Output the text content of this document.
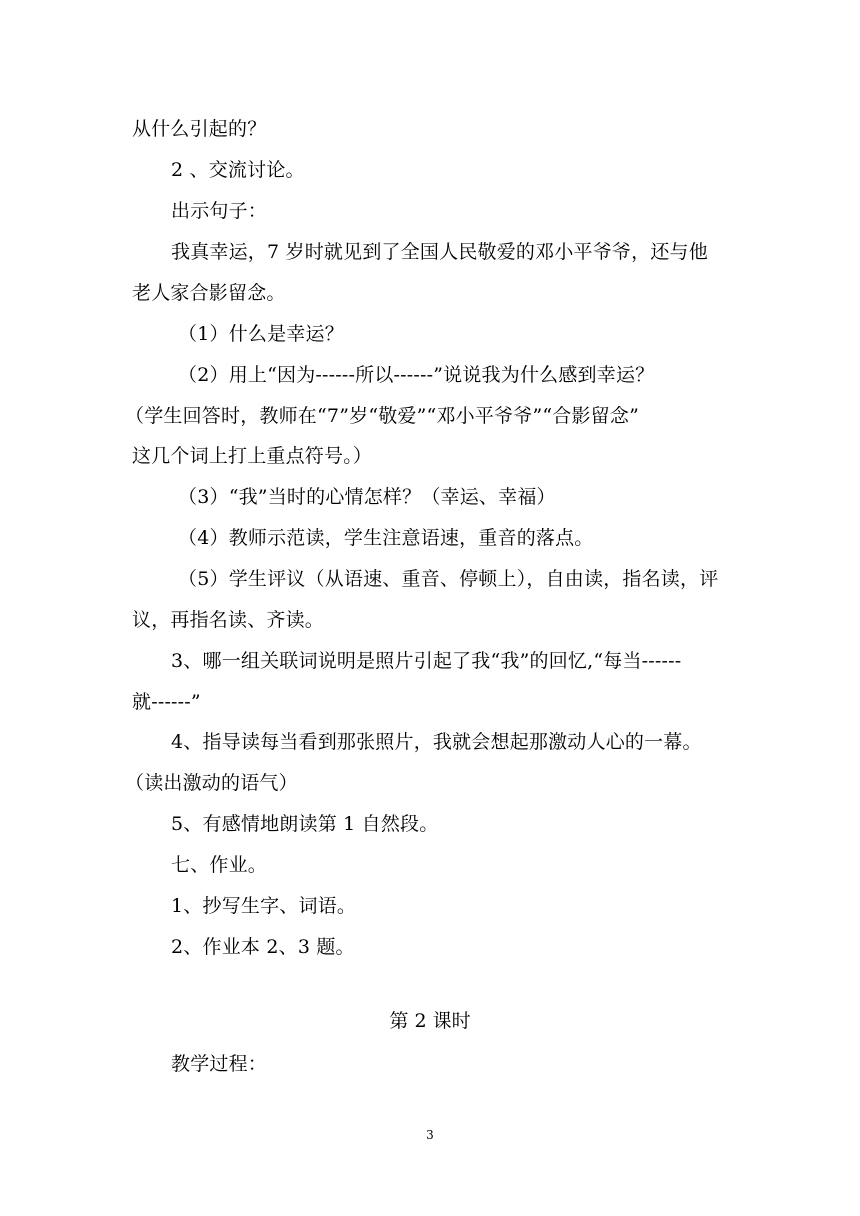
从什么引起的？
2 、交流讨论。
出示句子：
我真幸运，7 岁时就见到了全国人民敬爱的邓小平爷爷，还与他
老人家合影留念。
（1）什么是幸运？
（2）用上“因为------所以------”说说我为什么感到幸运？
（学生回答时，教师在“7”岁“敬爱”“邓小平爷爷”“合影留念”
这几个词上打上重点符号。）
（3）“我”当时的心情怎样？（幸运、幸福）
（4）教师示范读，学生注意语速，重音的落点。
（5）学生评议（从语速、重音、停顿上），自由读，指名读，评
议，再指名读、齐读。
3、哪一组关联词说明是照片引起了我“我”的回忆,“每当------
就------”
4、指导读每当看到那张照片，我就会想起那激动人心的一幕。
（读出激动的语气）
5、有感情地朗读第 1 自然段。
七、作业。
1、抄写生字、词语。
2、作业本 2、3 题。
第 2 课时
教学过程：
3
